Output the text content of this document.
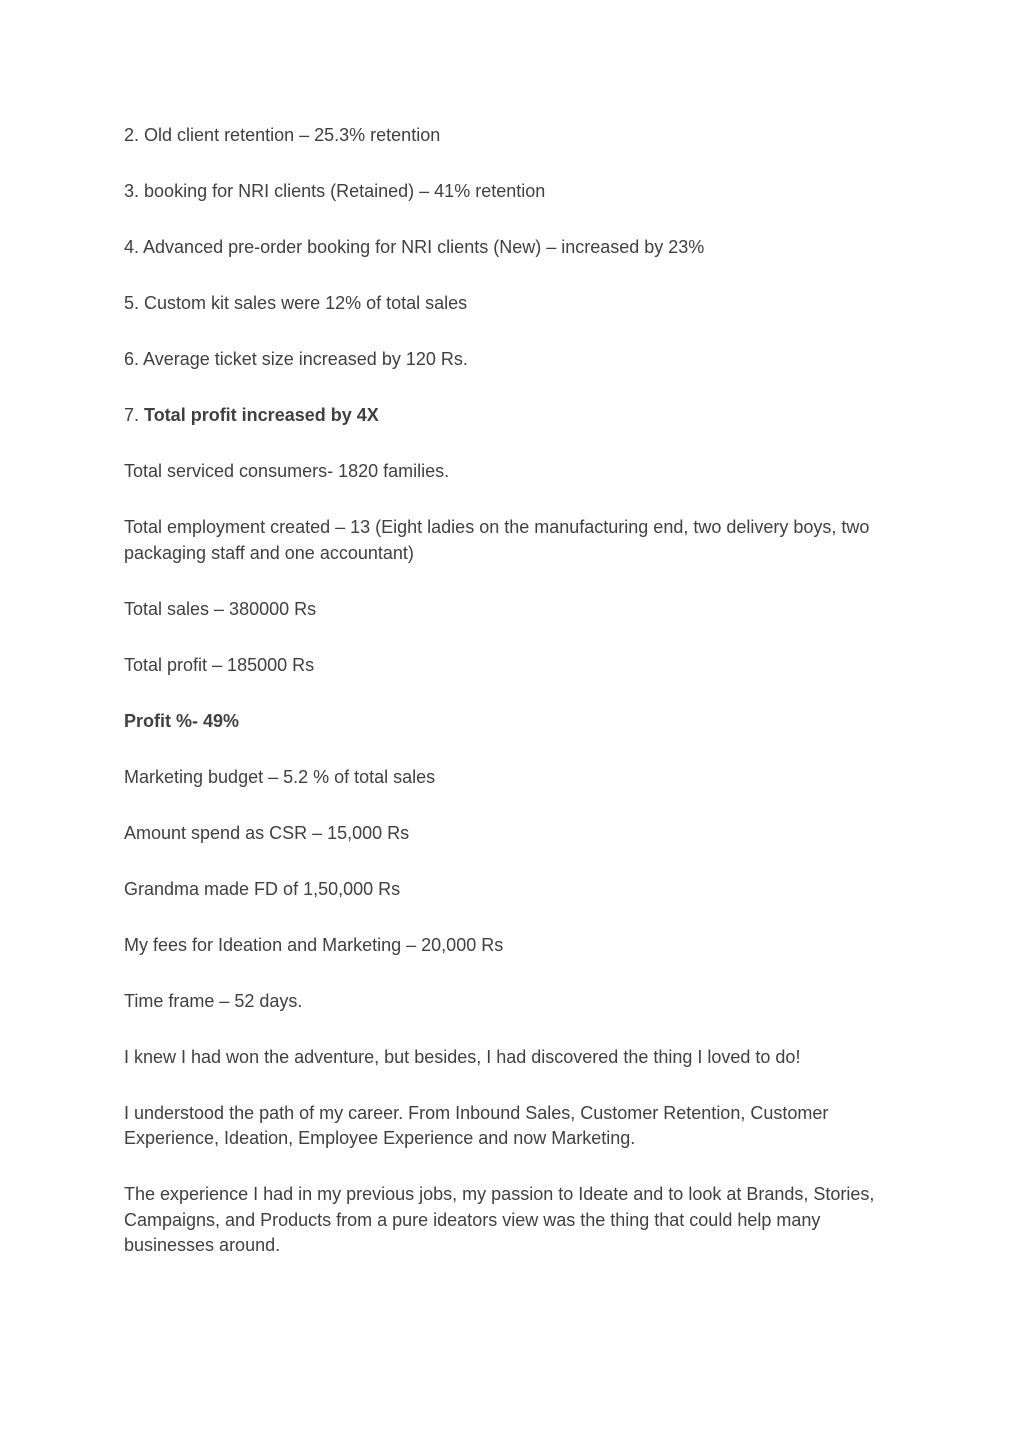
2. Old client retention – 25.3% retention

3. booking for NRI clients (Retained) – 41% retention

4. Advanced pre-order booking for NRI clients (New) – increased by 23%

5. Custom kit sales were 12% of total sales

6. Average ticket size increased by 120 Rs.

7. Total profit increased by 4X

Total serviced consumers- 1820 families.

Total employment created – 13 (Eight ladies on the manufacturing end, two delivery boys, two packaging staff and one accountant)

Total sales – 380000 Rs

Total profit – 185000 Rs

Profit %- 49%

Marketing budget – 5.2 % of total sales

Amount spend as CSR – 15,000 Rs

Grandma made FD of 1,50,000 Rs

My fees for Ideation and Marketing – 20,000 Rs

Time frame – 52 days.

I knew I had won the adventure, but besides, I had discovered the thing I loved to do!

I understood the path of my career. From Inbound Sales, Customer Retention, Customer Experience, Ideation, Employee Experience and now Marketing.

The experience I had in my previous jobs, my passion to Ideate and to look at Brands, Stories, Campaigns, and Products from a pure ideators view was the thing that could help many businesses around.
